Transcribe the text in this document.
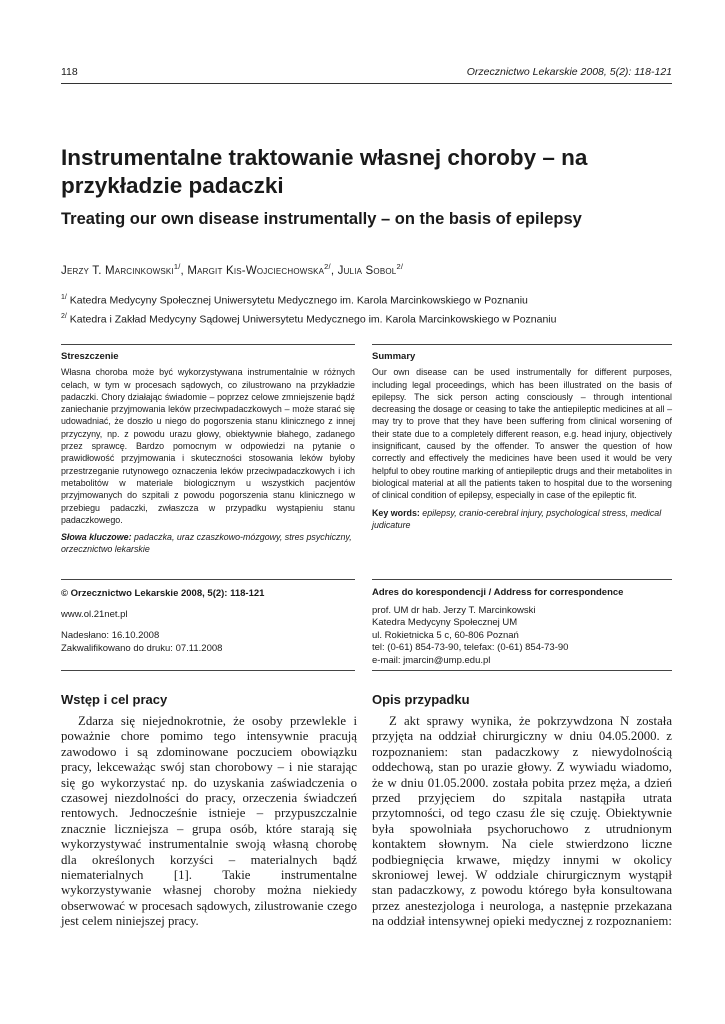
118	Orzecznictwo Lekarskie 2008, 5(2): 118-121
Instrumentalne traktowanie własnej choroby – na przykładzie padaczki
Treating our own disease instrumentally – on the basis of epilepsy
Jerzy T. Marcinkowski$^{1/}$, Margit Kis-Wojciechowska$^{2/}$, Julia Sobol$^{2/}$
$^{1/}$ Katedra Medycyny Społecznej Uniwersytetu Medycznego im. Karola Marcinkowskiego w Poznaniu
$^{2/}$ Katedra i Zakład Medycyny Sądowej Uniwersytetu Medycznego im. Karola Marcinkowskiego w Poznaniu
Streszczenie

Własna choroba może być wykorzystywana instrumentalnie w różnych celach, w tym w procesach sądowych, co zilustrowano na przykładzie padaczki. Chory działając świadomie – poprzez celowe zmniejszenie bądź zaniechanie przyjmowania leków przeciwpadaczkowych – może starać się udowadniać, że doszło u niego do pogorszenia stanu klinicznego z innej przyczyny, np. z powodu urazu głowy, obiektywnie błahego, zadanego przez sprawcę. Bardzo pomocnym w odpowiedzi na pytanie o prawidłowość przyjmowania i skuteczności stosowania leków byłoby przestrzeganie rutynowego oznaczenia leków przeciwpadaczkowych i ich metabolitów w materiale biologicznym u wszystkich pacjentów przyjmowanych do szpitali z powodu pogorszenia stanu klinicznego w przebiegu padaczki, zwłaszcza w przypadku wystąpieniu stanu padaczkowego.

Słowa kluczowe: padaczka, uraz czaszkowo-mózgowy, stres psychiczny, orzecznictwo lekarskie

Summary

Our own disease can be used instrumentally for different purposes, including legal proceedings, which has been illustrated on the basis of epilepsy. The sick person acting consciously – through intentional decreasing the dosage or ceasing to take the antiepileptic medicines at all – may try to prove that they have been suffering from clinical worsening of their state due to a completely different reason, e.g. head injury, objectively insignificant, caused by the offender. To answer the question of how correctly and effectively the medicines have been used it would be very helpful to obey routine marking of antiepileptic drugs and their metabolites in biological material at all the patients taken to hospital due to the worsening of clinical condition of epilepsy, especially in case of the epileptic fit.

Key words: epilepsy, cranio-cerebral injury, psychological stress, medical judicature

© Orzecznictwo Lekarskie 2008, 5(2): 118-121
www.ol.21net.pl
Nadesłano: 16.10.2008
Zakwalifikowano do druku: 07.11.2008
Adres do korespondencji / Address for correspondence
prof. UM dr hab. Jerzy T. Marcinkowski
Katedra Medycyny Społecznej UM
ul. Rokietnicka 5 c, 60-806 Poznań
tel: (0-61) 854-73-90, telefax: (0-61) 854-73-90
e-mail: jmarcin@ump.edu.pl
Wstęp i cel pracy	Opis przypadku

Zdarza się niejednokrotnie, że osoby przewlekle i poważnie chore pomimo tego intensywnie pracują zawodowo i są zdominowane poczuciem obowiązku pracy, lekceważąc swój stan chorobowy – i nie starając się go wykorzystać np. do uzyskania zaświadczenia o czasowej niezdolności do pracy, orzeczenia świadczeń rentowych. Jednocześnie istnieje – przypuszczalnie znacznie liczniejsza – grupa osób, które starają się wykorzystywać instrumentalnie swoją własną chorobę dla określonych korzyści – materialnych bądź niematerialnych [1]. Takie instrumentalne wykorzystywanie własnej choroby można niekiedy obserwować w procesach sądowych, zilustrowanie czego jest celem niniejszej pracy.

Z akt sprawy wynika, że pokrzywdzona N została przyjęta na oddział chirurgiczny w dniu 04.05.2000. z rozpoznaniem: stan padaczkowy z niewydolnością oddechową, stan po urazie głowy. Z wywiadu wiadomo, że w dniu 01.05.2000. została pobita przez męża, a dzień przed przyjęciem do szpitala nastąpiła utrata przytomności, od tego czasu źle się czuję. Obiektywnie była spowolniała psychoruchowo z utrudnionym kontaktem słownym. Na ciele stwierdzono liczne podbiegnięcia krwawe, między innymi w okolicy skroniowej lewej. W oddziale chirurgicznym wystąpił stan padaczkowy, z powodu którego była konsultowana przez anestezjologa i neurologa, a następnie przekazana na oddział intensywnej opieki medycznej z rozpoznaniem:
